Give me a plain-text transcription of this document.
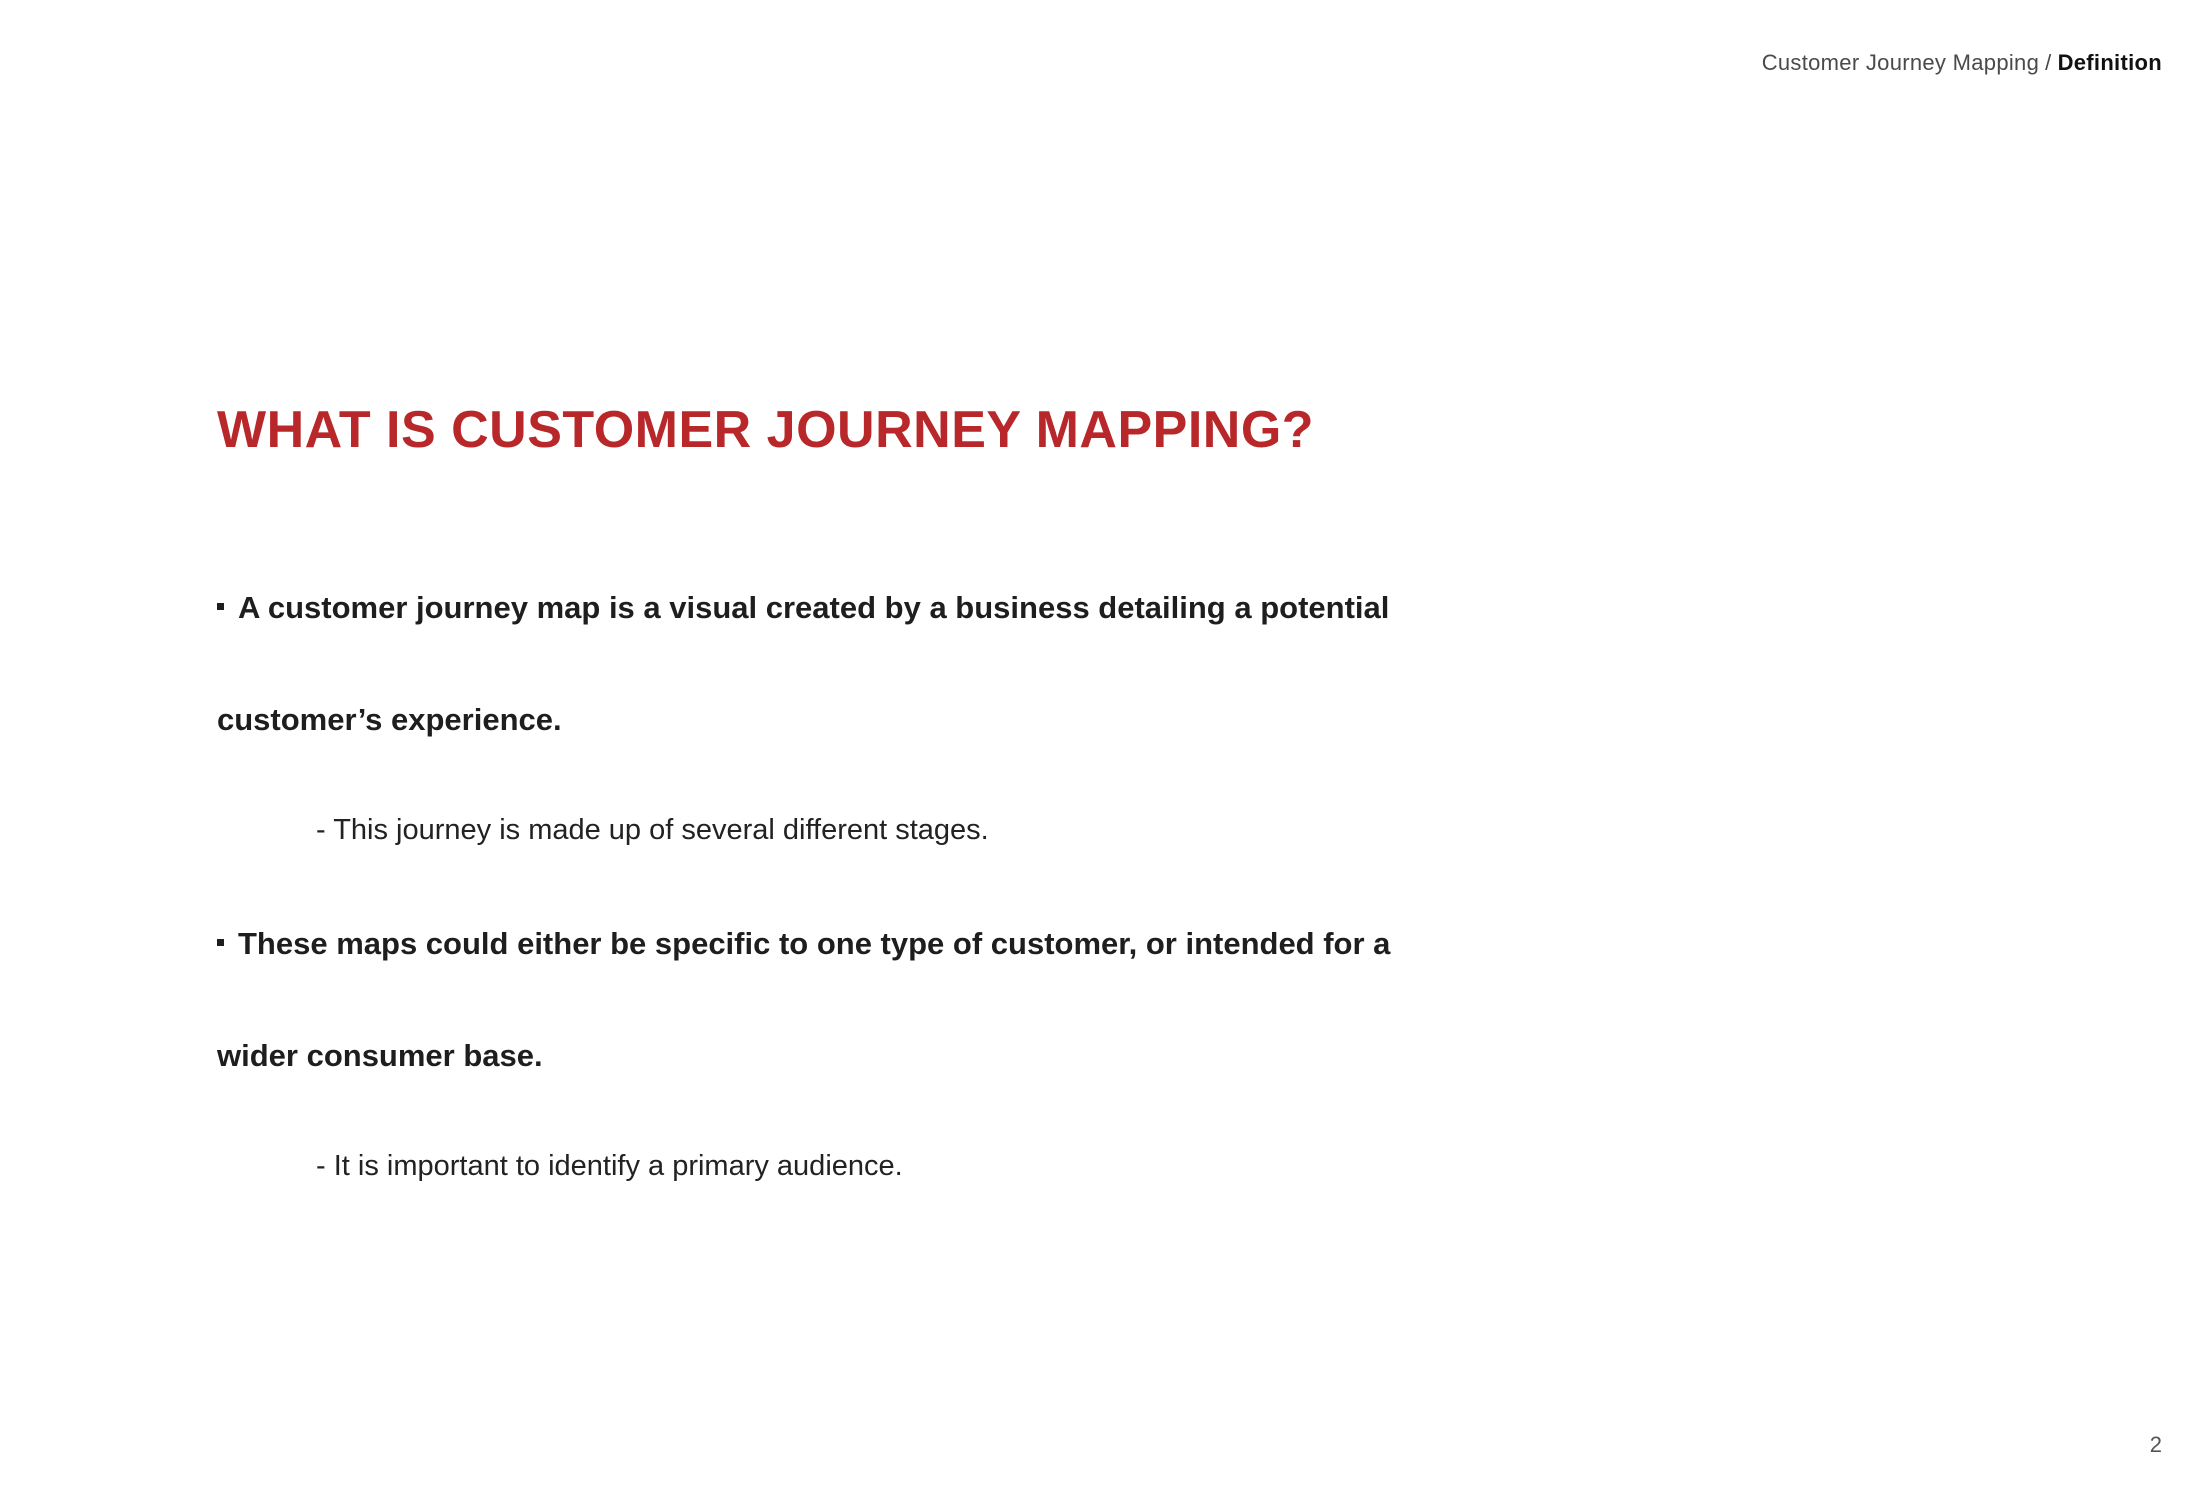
Customer Journey Mapping / Definition
WHAT IS CUSTOMER JOURNEY MAPPING?
A customer journey map is a visual created by a business detailing a potential
customer’s experience.
- This journey is made up of several different stages.
These maps could either be specific to one type of customer, or intended for a
wider consumer base.
- It is important to identify a primary audience.
2
